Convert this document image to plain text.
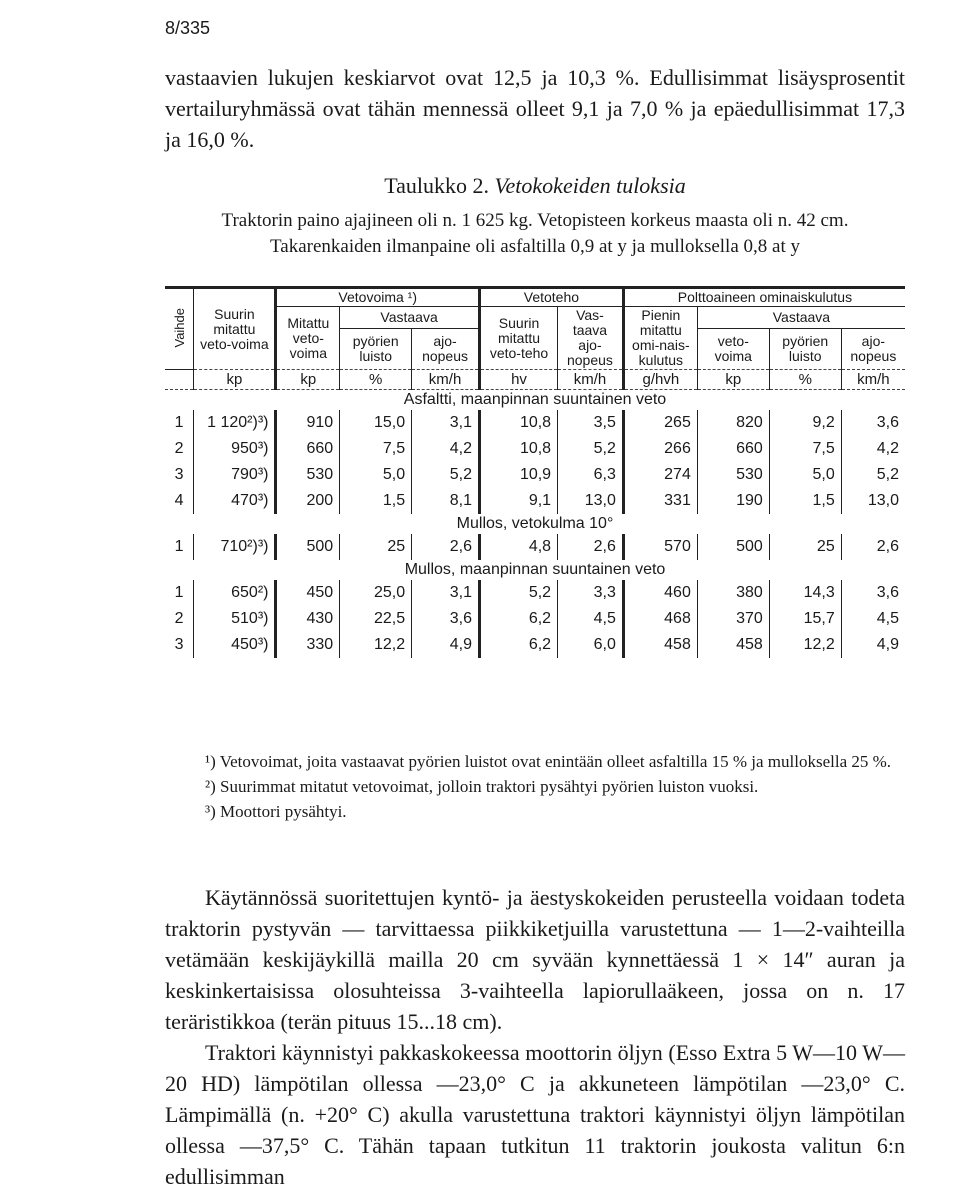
8/335

vastaavien lukujen keskiarvot ovat 12,5 ja 10,3 %. Edullisimmat lisäysprosentit vertailuryhmässä ovat tähän mennessä olleet 9,1 ja 7,0 % ja epäedullisimmat 17,3 ja 16,0 %.

Taulukko 2. Vetokokeiden tuloksia
Traktorin paino ajajineen oli n. 1 625 kg. Vetopisteen korkeus maasta oli n. 42 cm. Takarenkaiden ilmanpaine oli asfaltilla 0,9 at y ja mulloksella 0,8 at y
Vaihde	Suurin mitattu veto-voima	Vetovoima ¹)			Vetoteho		Polttoaineen ominaiskulutus			
		Mitattu veto-voima	Vastaava		Suurin mitattu veto-teho	Vas-taava ajo-nopeus	Pienin mitattu omi-nais-kulutus	Vastaava		
			pyörien luisto	ajo-nopeus				veto-voima	pyörien luisto	ajo-nopeus
	kp	kp	%	km/h	hv	km/h	g/hvh	kp	%	km/h
Asfaltti, maanpinnan suuntainen veto										
1	1 120²)³)	910	15,0	3,1	10,8	3,5	265	820	9,2	3,6
2	950³)	660	7,5	4,2	10,8	5,2	266	660	7,5	4,2
3	790³)	530	5,0	5,2	10,9	6,3	274	530	5,0	5,2
4	470³)	200	1,5	8,1	9,1	13,0	331	190	1,5	13,0
Mullos, vetokulma 10°										
1	710²)³)	500	25	2,6	4,8	2,6	570	500	25	2,6
Mullos, maanpinnan suuntainen veto										
1	650²)	450	25,0	3,1	5,2	3,3	460	380	14,3	3,6
2	510³)	430	22,5	3,6	6,2	4,5	468	370	15,7	4,5
3	450³)	330	12,2	4,9	6,2	6,0	458	458	12,2	4,9

¹) Vetovoimat, joita vastaavat pyörien luistot ovat enintään olleet asfaltilla 15 % ja mulloksella 25 %.

²) Suurimmat mitatut vetovoimat, jolloin traktori pysähtyi pyörien luiston vuoksi.

³) Moottori pysähtyi.

Käytännössä suoritettujen kyntö- ja äestyskokeiden perusteella voidaan todeta traktorin pystyvän — tarvittaessa piikkiketjuilla varustettuna — 1—2-vaihteilla vetämään keskijäykillä mailla 20 cm syvään kynnettäessä 1 × 14″ auran ja keskinkertaisissa olosuhteissa 3-vaihteella lapiorullaäkeen, jossa on n. 17 teräristikkoa (terän pituus 15...18 cm).

Traktori käynnistyi pakkaskokeessa moottorin öljyn (Esso Extra 5 W—10 W—20 HD) lämpötilan ollessa —23,0° C ja akkuneteen lämpötilan —23,0° C. Lämpimällä (n. +20° C) akulla varustettuna traktori käynnistyi öljyn lämpötilan ollessa —37,5° C. Tähän tapaan tutkitun 11 traktorin joukosta valitun 6:n edullisimman
